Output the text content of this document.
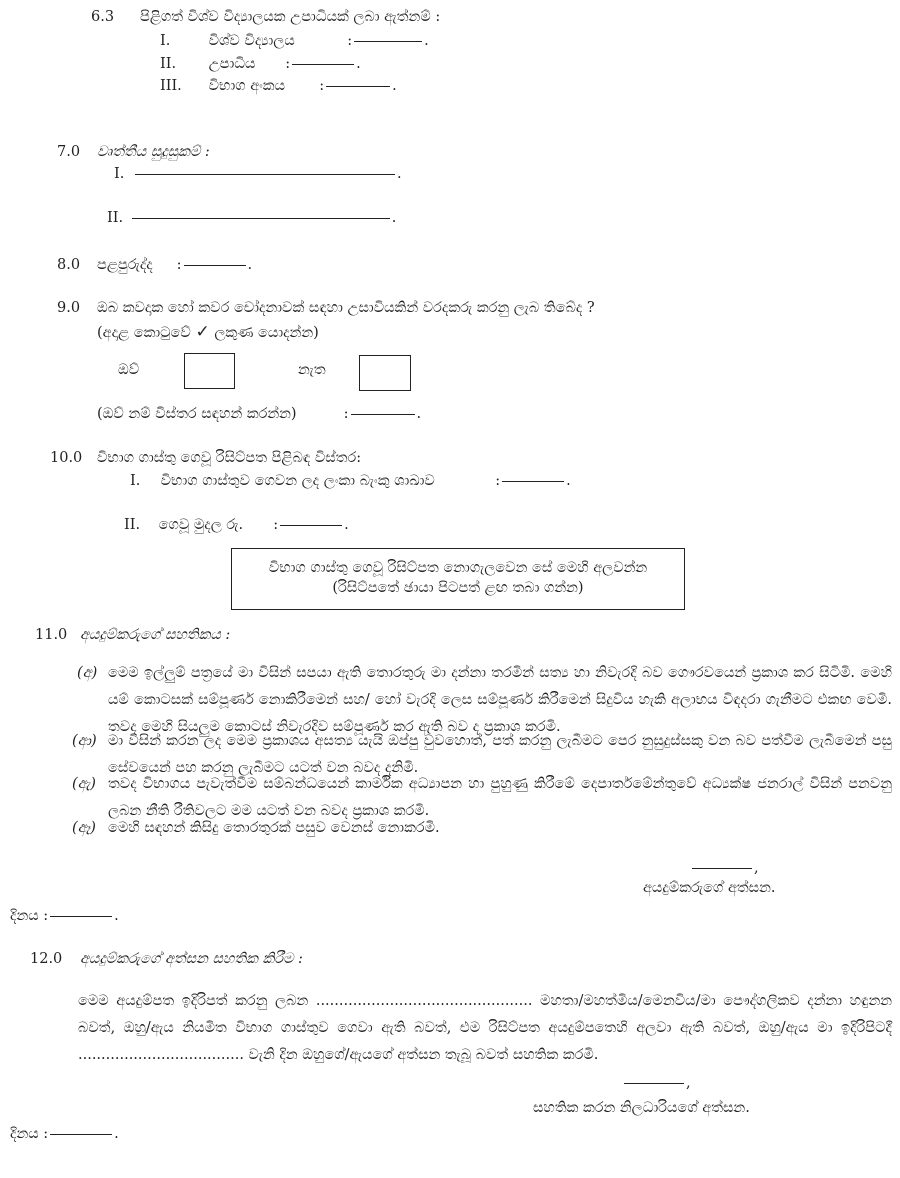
6.3 පිළිගත් විශ්ව විද්‍යාලයක උපාධියක් ලබා ඇත්නම් :
I.	විශ්ව විද්‍යාලය	:	.
II. උපාධිය :	.
III. විභාග අංකය :	.
7.0 වෘත්තීය සුදුසුකම් :
I.	.
II.	.
8.0 පළපුරුද්ද :	.
9.0 ඔබ කවදාක හෝ කවර චෝදනාවක් සඳහා උසාවියකින් වරදකරු කරනු ලැබ තිබේද ?
(අදාළ කොටුවේ ✓ ලකුණ යොදන්න)
ඔව්	නැත
(ඔව් නම් විස්තර සඳහන් කරන්න)	:	.
10.0 විභාග ගාස්තු ගෙවූ රිසිට්පත පිළිබඳ විස්තර:
I. විභාග ගාස්තුව ගෙවන ලද ලංකා බැංකු ශාඛාව	:	.
II. ගෙවූ මුදල රු. :	.
විභාග ගාස්තු ගෙවූ රිසිට්පත නොගැලවෙන සේ මෙහි අලවන්න
(රිසිට්පතේ ඡායා පිටපත් ළඟ තබා ගන්න)
11.0 අයදුම්කරුගේ සහතිකය :
(අ) මෙම ඉල්ලුම් පත්‍රයේ මා විසින් සපයා ඇති තොරතුරු මා දන්නා තරමින් සත්‍ය හා නිවැරදි බව ගෞරවයෙන් ප්‍රකාශ කර සිටිමි. මෙහි යම් කොටසක් සම්පූර්ණ නොකිරීමෙන් සහ/ හෝ වැරදි ලෙස සම්පූර්ණ කිරීමෙන් සිදුවිය හැකි අලාභය විඳදරා ගැනීමට එකඟ වෙමි. තවද මෙහි සියලුම කොටස් නිවැරදිව සම්පූර්ණ කර ඇති බව ද ප්‍රකාශ කරමි.
(ආ) මා විසින් කරන ලද මෙම ප්‍රකාශය අසත්‍ය යැයි ඔප්පු වුවහොත්, පත් කරනු ලැබීමට පෙර නුසුදුස්සකු වන බව පත්වීම ලැබීමෙන් පසු සේවයෙන් පහ කරනු ලැබීමට යටත් වන බවද දනිමි.
(ඇ) තවද විභාගය පැවැත්වීම සම්බන්ධයෙන් කාර්මික අධ්‍යාපන හා පුහුණු කිරීමේ දෙපාර්තමේන්තුවේ අධ්‍යක්ෂ ජනරාල් විසින් පනවනු ලබන නීති රීතිවලට මම යටත් වන බවද ප්‍රකාශ කරමි.
(ඈ) මෙහි සඳහන් කිසිදු තොරතුරක් පසුව වෙනස් නොකරමි.
,
අයදුම්කරුගේ අත්සන.
දිනය :	.
12.0 අයදුම්කරුගේ අත්සන සහතික කිරීම :
මෙම අයදුම්පත ඉදිරිපත් කරනු ලබන ............................................... මහතා/මහත්මිය/මෙනවිය/මා පෞද්ගලිකව දන්නා හඳුනන බවත්, ඔහු/ඇය නියමිත විභාග ගාස්තුව ගෙවා ඇති බවත්, එම රිසිට්පත අයදුම්පතෙහි අලවා ඇති බවත්, ඔහු/ඇය මා ඉදිරිපිටදී .................................... වැනි දින ඔහුගේ/ඇයගේ අත්සන තැබූ බවත් සහතික කරමි.
,
සහතික කරන නිලධාරියගේ අත්සන.
දිනය :	.
